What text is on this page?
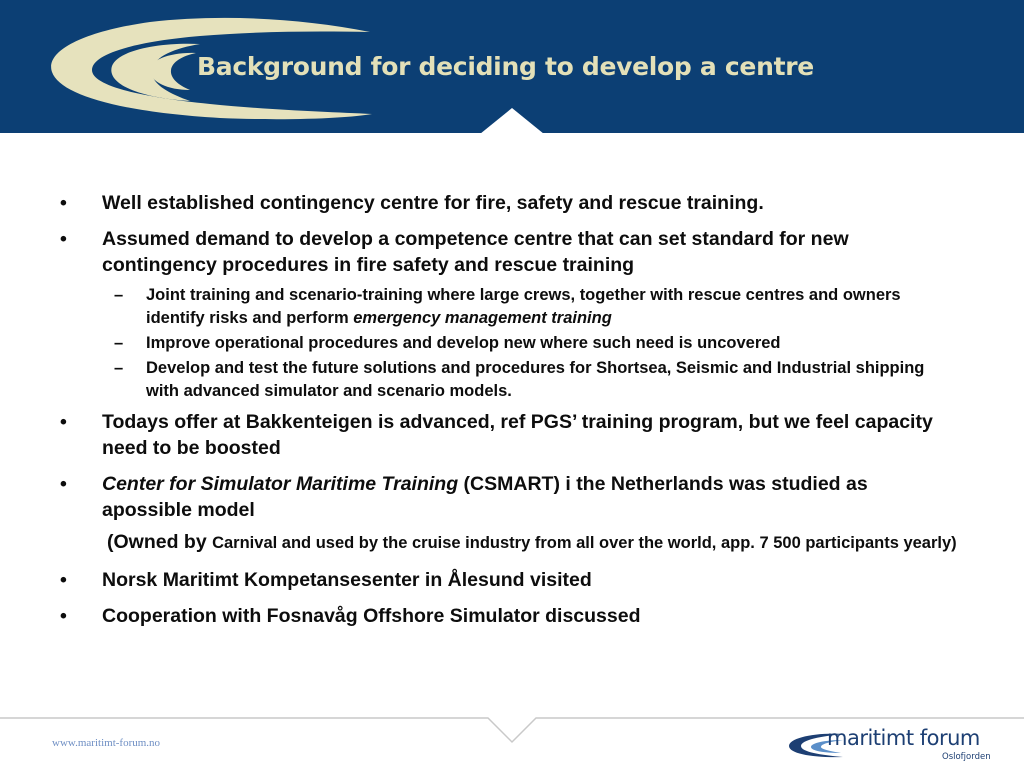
Background for deciding to develop a centre
•	Well established contingency centre for fire, safety and rescue training.
•	Assumed demand to develop a competence centre that can set standard for new contingency procedures in fire safety and rescue training
–	Joint training and scenario-training where large crews, together with rescue centres and owners identify risks and perform emergency management training
–	Improve operational procedures and develop new where such need is uncovered
–	Develop and test the future solutions and procedures for Shortsea, Seismic and Industrial shipping with advanced simulator and scenario models.
•	Todays offer at Bakkenteigen is advanced, ref PGS’ training program, but we feel capacity need to be boosted
•	Center for Simulator Maritime Training (CSMART) i the Netherlands was studied as apossible model
(Owned by Carnival and used by the cruise industry from all over the world, app. 7 500 participants yearly)
•	Norsk Maritimt Kompetansesenter in Ålesund visited
•	Cooperation with Fosnavåg Offshore Simulator discussed
www.maritimt-forum.no	maritimt forum
Oslofjorden
